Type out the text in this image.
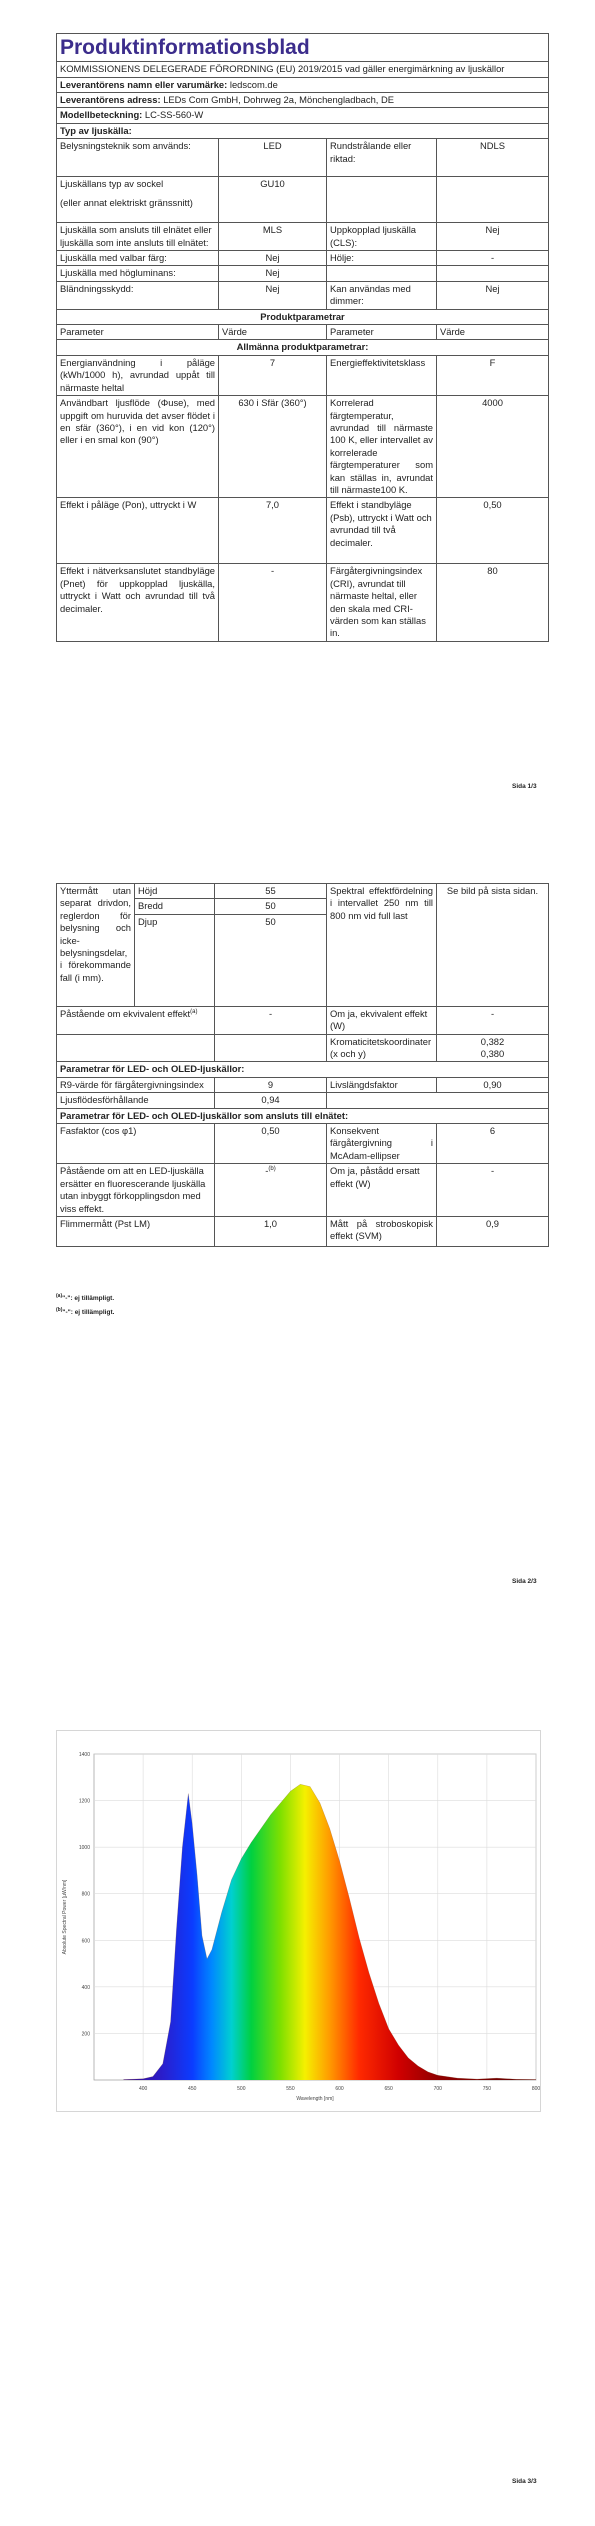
Produktinformationsblad			
KOMMISSIONENS DELEGERADE FÖRORDNING (EU) 2019/2015 vad gäller energimärkning av ljuskällor			
Leverantörens namn eller varumärke: ledscom.de			
Leverantörens adress: LEDs Com GmbH, Dohrweg 2a, Mönchengladbach, DE			
Modellbeteckning: LC-SS-560-W			
Typ av ljuskälla:			
Belysningsteknik som används:	LED	Rundstrålande eller riktad:	NDLS

Ljuskällans typ av sockel
(eller annat elektriskt gränssnitt)	GU10		
Ljuskälla som ansluts till elnätet eller ljuskälla som inte ansluts till elnätet:	MLS	Uppkopplad ljuskälla (CLS):	Nej
Ljuskälla med valbar färg:	Nej	Hölje:	-
Ljuskälla med högluminans:	Nej		
Bländningsskydd:	Nej	Kan användas med dimmer:	Nej
Produktparametrar			
Parameter	Värde	Parameter	Värde
Allmänna produktparametrar:			
Energianvändning i påläge (kWh/1000 h), avrundad uppåt till närmaste heltal	7	Energieffektivitetsklass	F
Användbart ljusflöde (Φuse), med uppgift om huruvida det avser flödet i en sfär (360°), i en vid kon (120°) eller i en smal kon (90°)	630 i Sfär (360°)	Korrelerad färgtemperatur, avrundad till närmaste 100 K, eller intervallet av korrelerade färgtemperaturer som kan ställas in, avrundat till närmaste100 K.	4000
Effekt i påläge (Pon), uttryckt i W	7,0	Effekt i standbyläge (Psb), uttryckt i Watt och avrundad till två decimaler.	0,50
Effekt i nätverksanslutet standbyläge (Pnet) för uppkopplad ljuskälla, uttryckt i Watt och avrundad till två decimaler.	-	Färgåtergivningsindex (CRI), avrundat till närmaste heltal, eller den skala med CRI-värden som kan ställas in.	80
Sida 1/3
Yttermått utan separat drivdon, reglerdon för belysning och icke-belysningsdelar, i förekommande fall (i mm).	Höjd	55	Spektral effektfördelning i intervallet 250 nm till 800 nm vid full last	Se bild på sista sidan.
	Bredd	50		
	Djup	50		
Påstående om ekvivalent effekt$^{(a)}$		-	Om ja, ekvivalent effekt (W)	-
			Kromaticitetskoordinater (x och y)	0,382
0,380

Parametrar för LED- och OLED-ljuskällor:				
R9-värde för färgåtergivningsindex		9	Livslängdsfaktor	0,90
Ljusflödesförhållande		0,94		
Parametrar för LED- och OLED-ljuskällor som ansluts till elnätet:				
Fasfaktor (cos φ1)		0,50	Konsekvent färgåtergivning i McAdam-ellipser	6
Påstående om att en LED-ljuskälla ersätter en fluorescerande ljuskälla utan inbyggt förkopplingsdon med viss effekt.		-$^{(b)}$	Om ja, påstådd ersatt effekt (W)	-
Flimmermått (Pst LM)		1,0	Mått på stroboskopisk effekt (SVM)	0,9
$^{(a)}$"-": ej tillämpligt.
$^{(b)}$"-": ej tillämpligt.
Sida 2/3
1400
1200
1000
800
600
400
200
400	450	500	550	600	650	700	750	800
Wavelength [nm]
Absolute Spectral Power [µW/nm]
Sida 3/3
